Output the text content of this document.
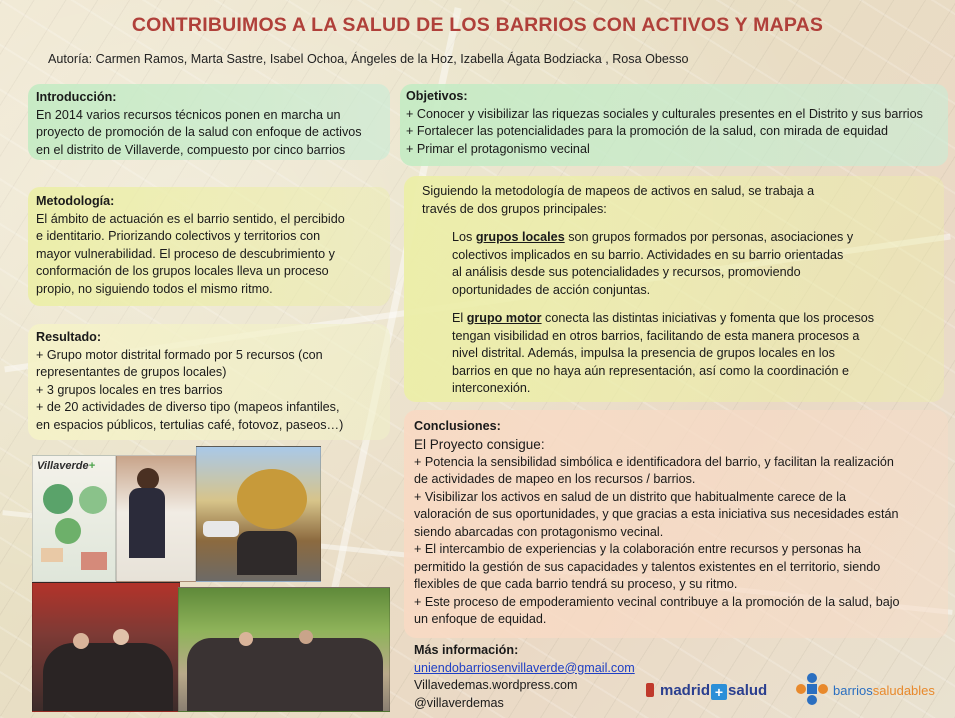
CONTRIBUIMOS A LA SALUD DE LOS BARRIOS CON ACTIVOS Y MAPAS
Autoría: Carmen Ramos, Marta Sastre, Isabel Ochoa, Ángeles de la Hoz, Izabella Ágata Bodziacka , Rosa Obesso
Introducción:
En 2014 varios recursos técnicos ponen en marcha un
proyecto de promoción de la salud con enfoque de activos
en el distrito de Villaverde, compuesto por cinco barrios
Metodología:
El ámbito de actuación es el barrio sentido, el percibido
e identitario. Priorizando colectivos y territorios con
mayor vulnerabilidad. El proceso de descubrimiento y
conformación de los grupos locales lleva un proceso
propio, no siguiendo todos el mismo ritmo.
Resultado:
+ Grupo motor distrital formado por 5 recursos (con
representantes de grupos locales)
+ 3 grupos locales en tres barrios
+ de 20 actividades de diverso tipo (mapeos infantiles,
en espacios públicos, tertulias café, fotovoz, paseos…)
Objetivos:
+ Conocer y visibilizar las riquezas sociales y culturales presentes en el Distrito y sus barrios
+ Fortalecer las potencialidades para la promoción de la salud, con mirada de equidad
+ Primar el protagonismo vecinal
Siguiendo la metodología de mapeos de activos en salud, se trabaja a
través de dos grupos principales:
Los grupos locales son grupos formados por personas, asociaciones y
colectivos implicados en su barrio. Actividades en su barrio orientadas
al análisis desde sus potencialidades y recursos, promoviendo
oportunidades de acción conjuntas.
El grupo motor conecta las distintas iniciativas y fomenta que los procesos
tengan visibilidad en otros barrios, facilitando de esta manera procesos a
nivel distrital. Además, impulsa la presencia de grupos locales en los
barrios en que no haya aún representación, así como la coordinación e
interconexión.
Conclusiones:
El Proyecto consigue:
+ Potencia la sensibilidad simbólica e identificadora del barrio, y facilitan la realización
de actividades de mapeo en los recursos / barrios.
+ Visibilizar los activos en salud de un distrito que habitualmente carece de la
valoración de sus oportunidades, y que gracias a esta iniciativa sus necesidades están
siendo abarcadas con protagonismo vecinal.
+ El intercambio de experiencias y la colaboración entre recursos y personas ha
permitido la gestión de sus capacidades y talentos existentes en el territorio, siendo
flexibles de que cada barrio tendrá su proceso, y su ritmo.
+ Este proceso de empoderamiento vecinal contribuye a la promoción de la salud, bajo
un enfoque de equidad.
Más información:
uniendobarriosenvillaverde@gmail.com
Villavedemas.wordpress.com
@villaverdemas
Villaverde+
madrid + salud	barriossaludables
